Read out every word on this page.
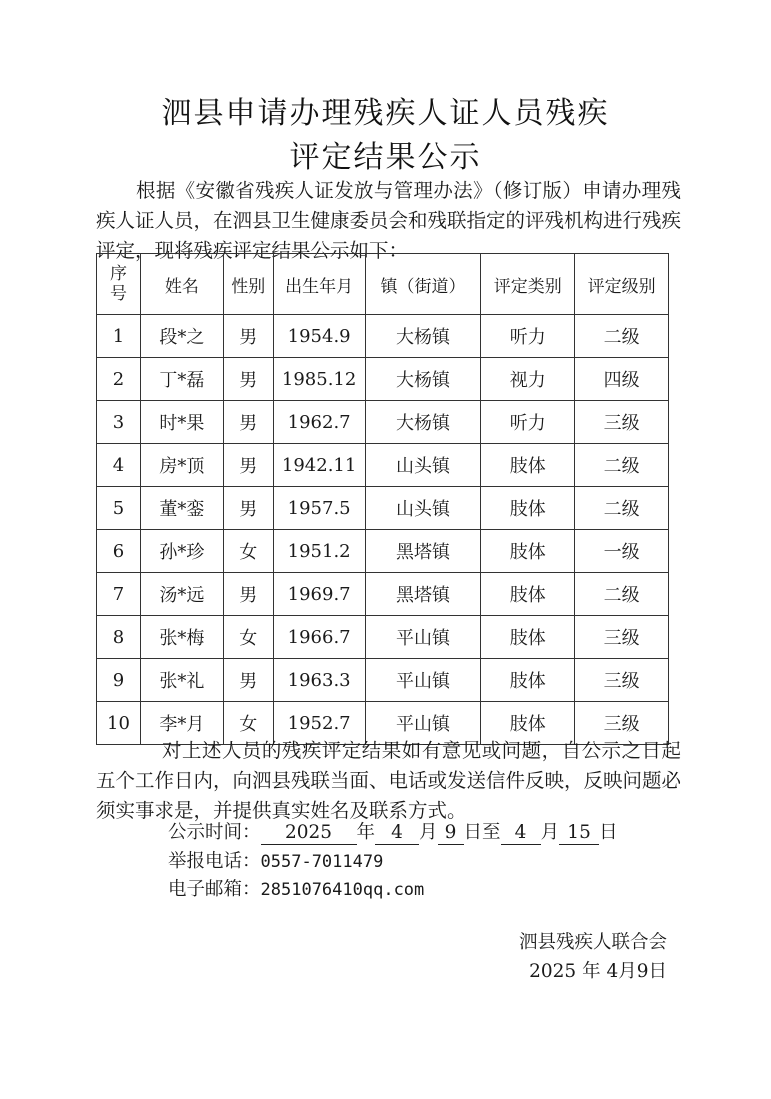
泗县申请办理残疾人证人员残疾
评定结果公示
根据《安徽省残疾人证发放与管理办法》（修订版）申请办理残疾人证人员，在泗县卫生健康委员会和残联指定的评残机构进行残疾评定，现将残疾评定结果公示如下：
序
号	姓名	性别	出生年月	镇（街道）	评定类别	评定级别
1	段*之	男	1954.9	大杨镇	听力	二级
2	丁*磊	男	1985.12	大杨镇	视力	四级
3	时*果	男	1962.7	大杨镇	听力	三级
4	房*顶	男	1942.11	山头镇	肢体	二级
5	董*銮	男	1957.5	山头镇	肢体	二级
6	孙*珍	女	1951.2	黑塔镇	肢体	一级
7	汤*远	男	1969.7	黑塔镇	肢体	二级
8	张*梅	女	1966.7	平山镇	肢体	三级
9	张*礼	男	1963.3	平山镇	肢体	三级
10	李*月	女	1952.7	平山镇	肢体	三级
对上述人员的残疾评定结果如有意见或问题，自公示之日起五个工作日内，向泗县残联当面、电话或发送信件反映，反映问题必须实事求是，并提供真实姓名及联系方式。
公示时间： 2025 年 4 月 9 日至 4 月 15 日
举报电话：0557-7011479
电子邮箱：2851076410qq.com
泗县残疾人联合会
2025 年 4月9日
